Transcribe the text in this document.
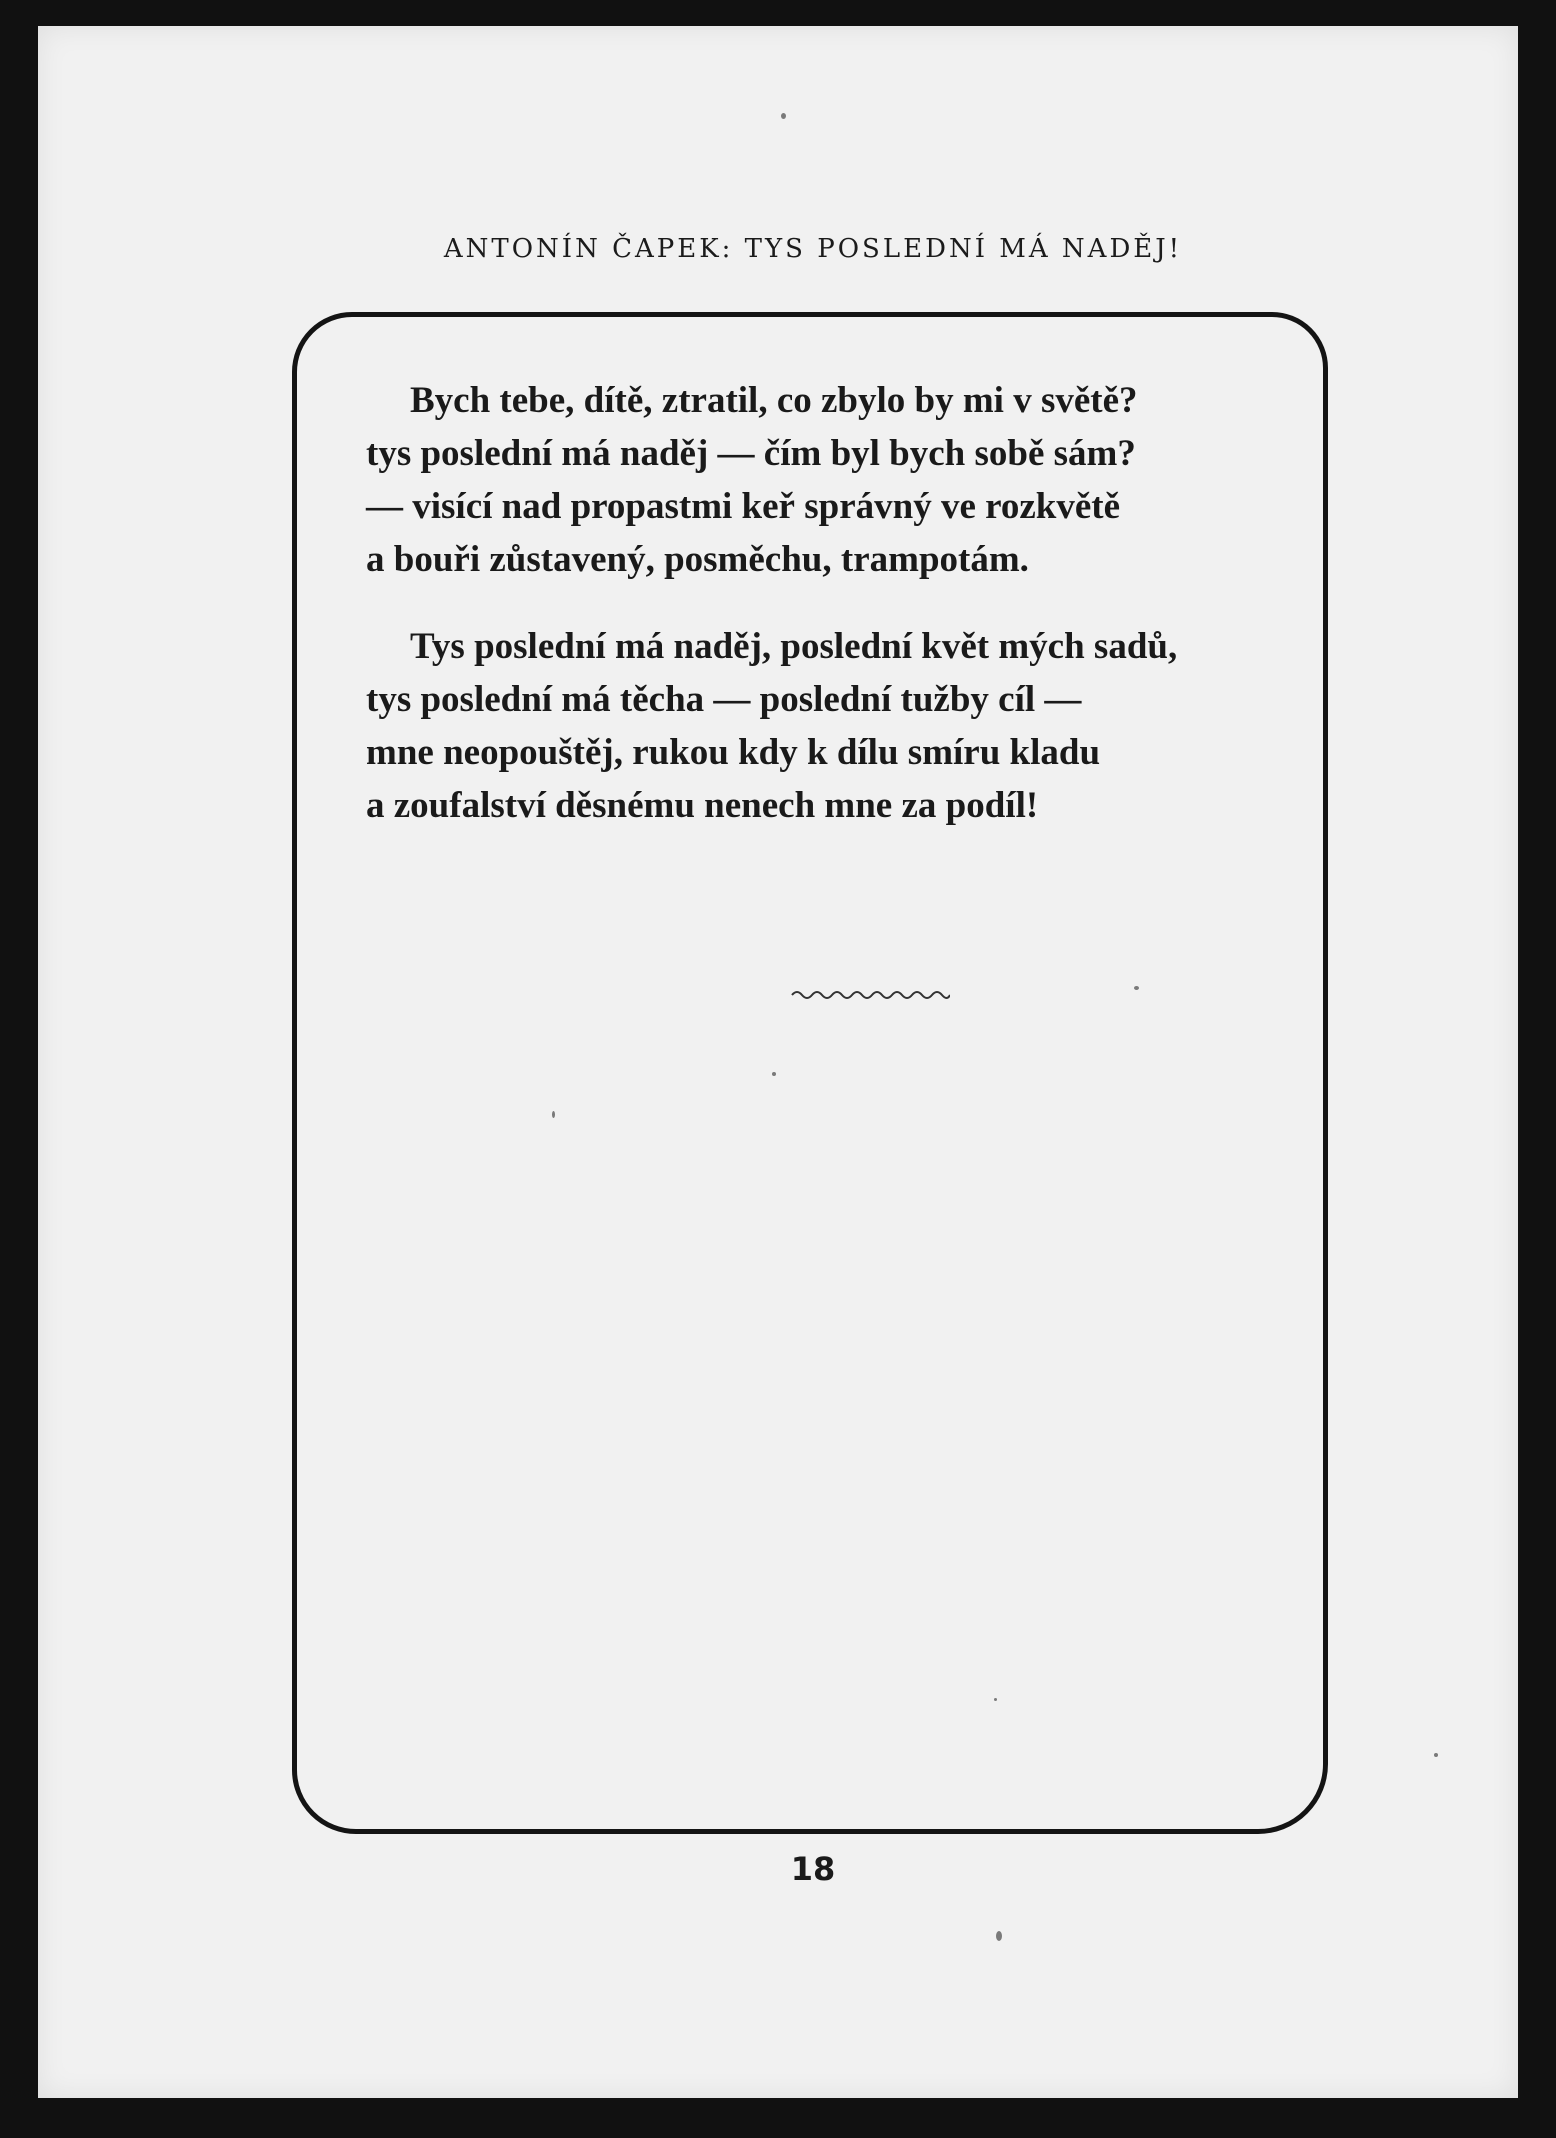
ANTONÍN ČAPEK: TYS POSLEDNÍ MÁ NADĚJ!
Bych tebe, dítě, ztratil, co zbylo by mi v světě?
tys poslední má naděj — čím byl bych sobě sám?
— visící nad propastmi keř správný ve rozkvětě
a bouři zůstavený, posměchu, trampotám.
Tys poslední má naděj, poslední květ mých sadů,
tys poslední má těcha — poslední tužby cíl —
mne neopouštěj, rukou kdy k dílu smíru kladu
a zoufalství děsnému nenech mne za podíl!
18
